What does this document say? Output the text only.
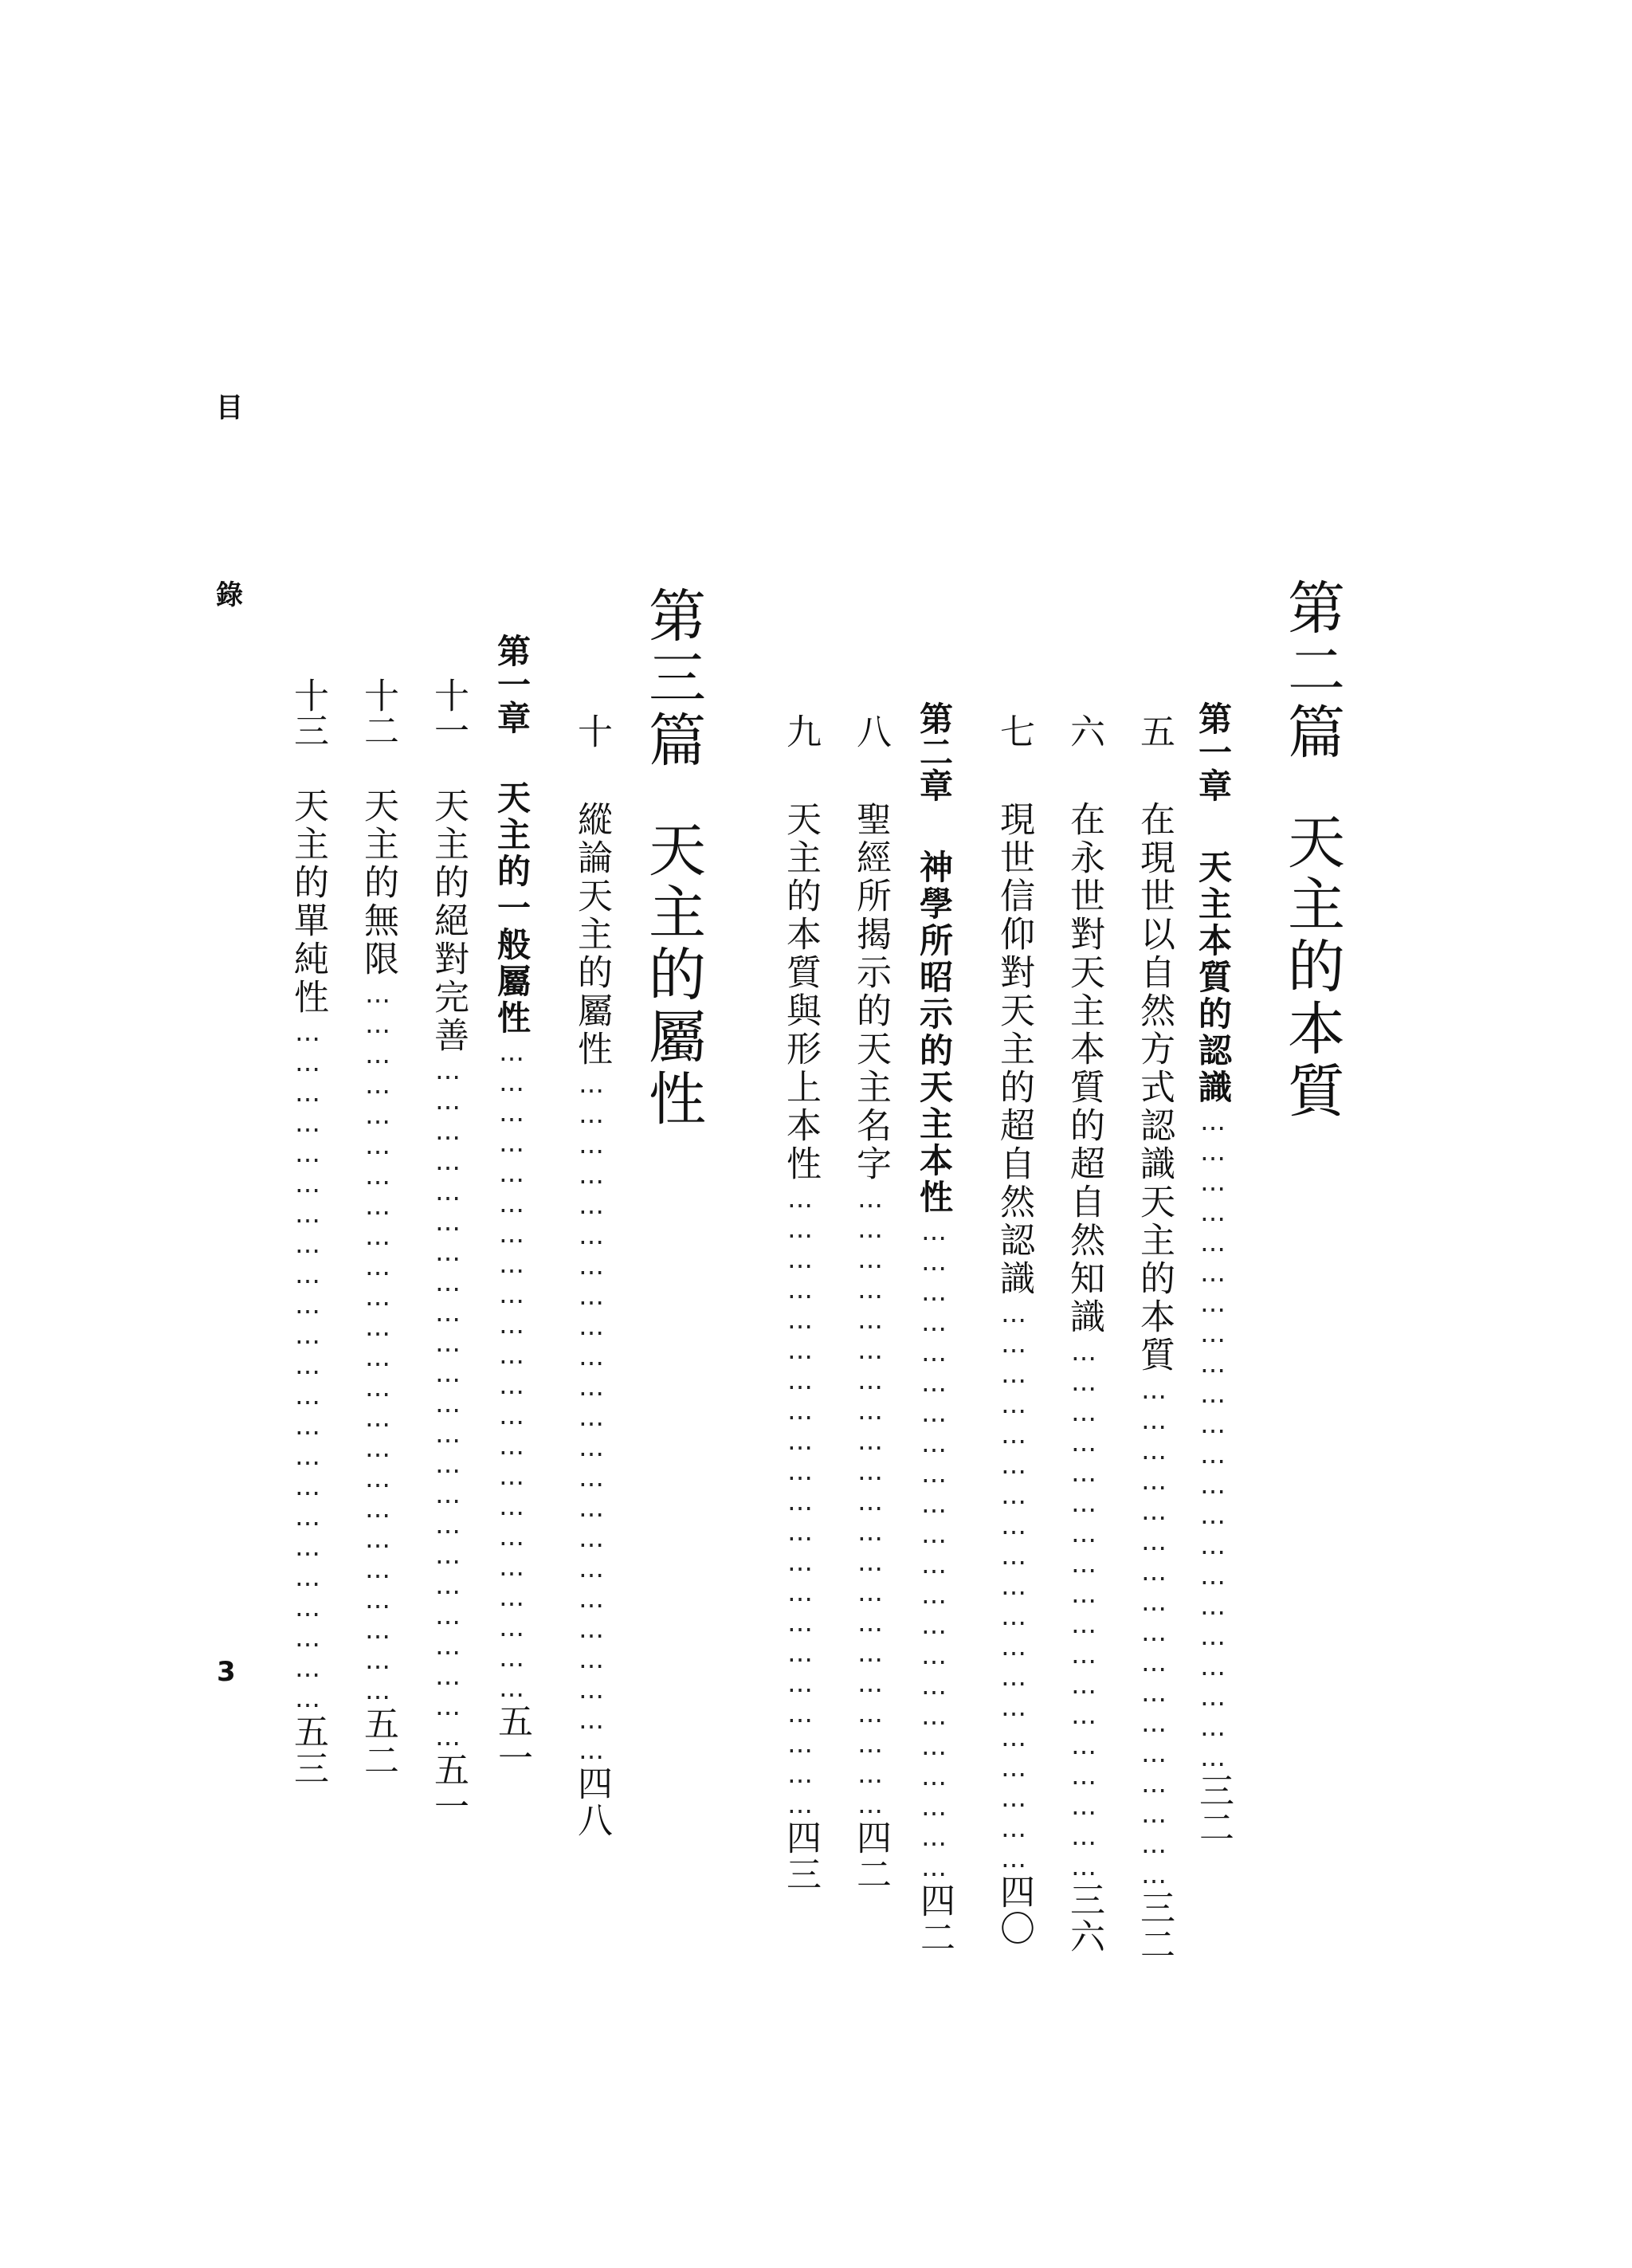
目
錄
3
第二篇天主的本質
第一章天主本質的認識…………………………………………………………三二
五在現世以自然方式認識天主的本質……………………………………………三二
六在永世對天主本質的超自然知識………………………………………………三六
七現世信仰對天主的超自然認識…………………………………………………四〇
第二章神學所昭示的天主本性…………………………………………………………四二
八聖經所揭示的天主名字………………………………………………………四二
九天主的本質與形上本性………………………………………………………四三
第三篇天主的屬性
十縱論天主的屬性……………………………………………………………四八
第一章天主的一般屬性…………………………………………………………五一
十一天主的絕對完善……………………………………………………………五一
十二天主的無限………………………………………………………………五二
十三天主的單純性……………………………………………………………五三
